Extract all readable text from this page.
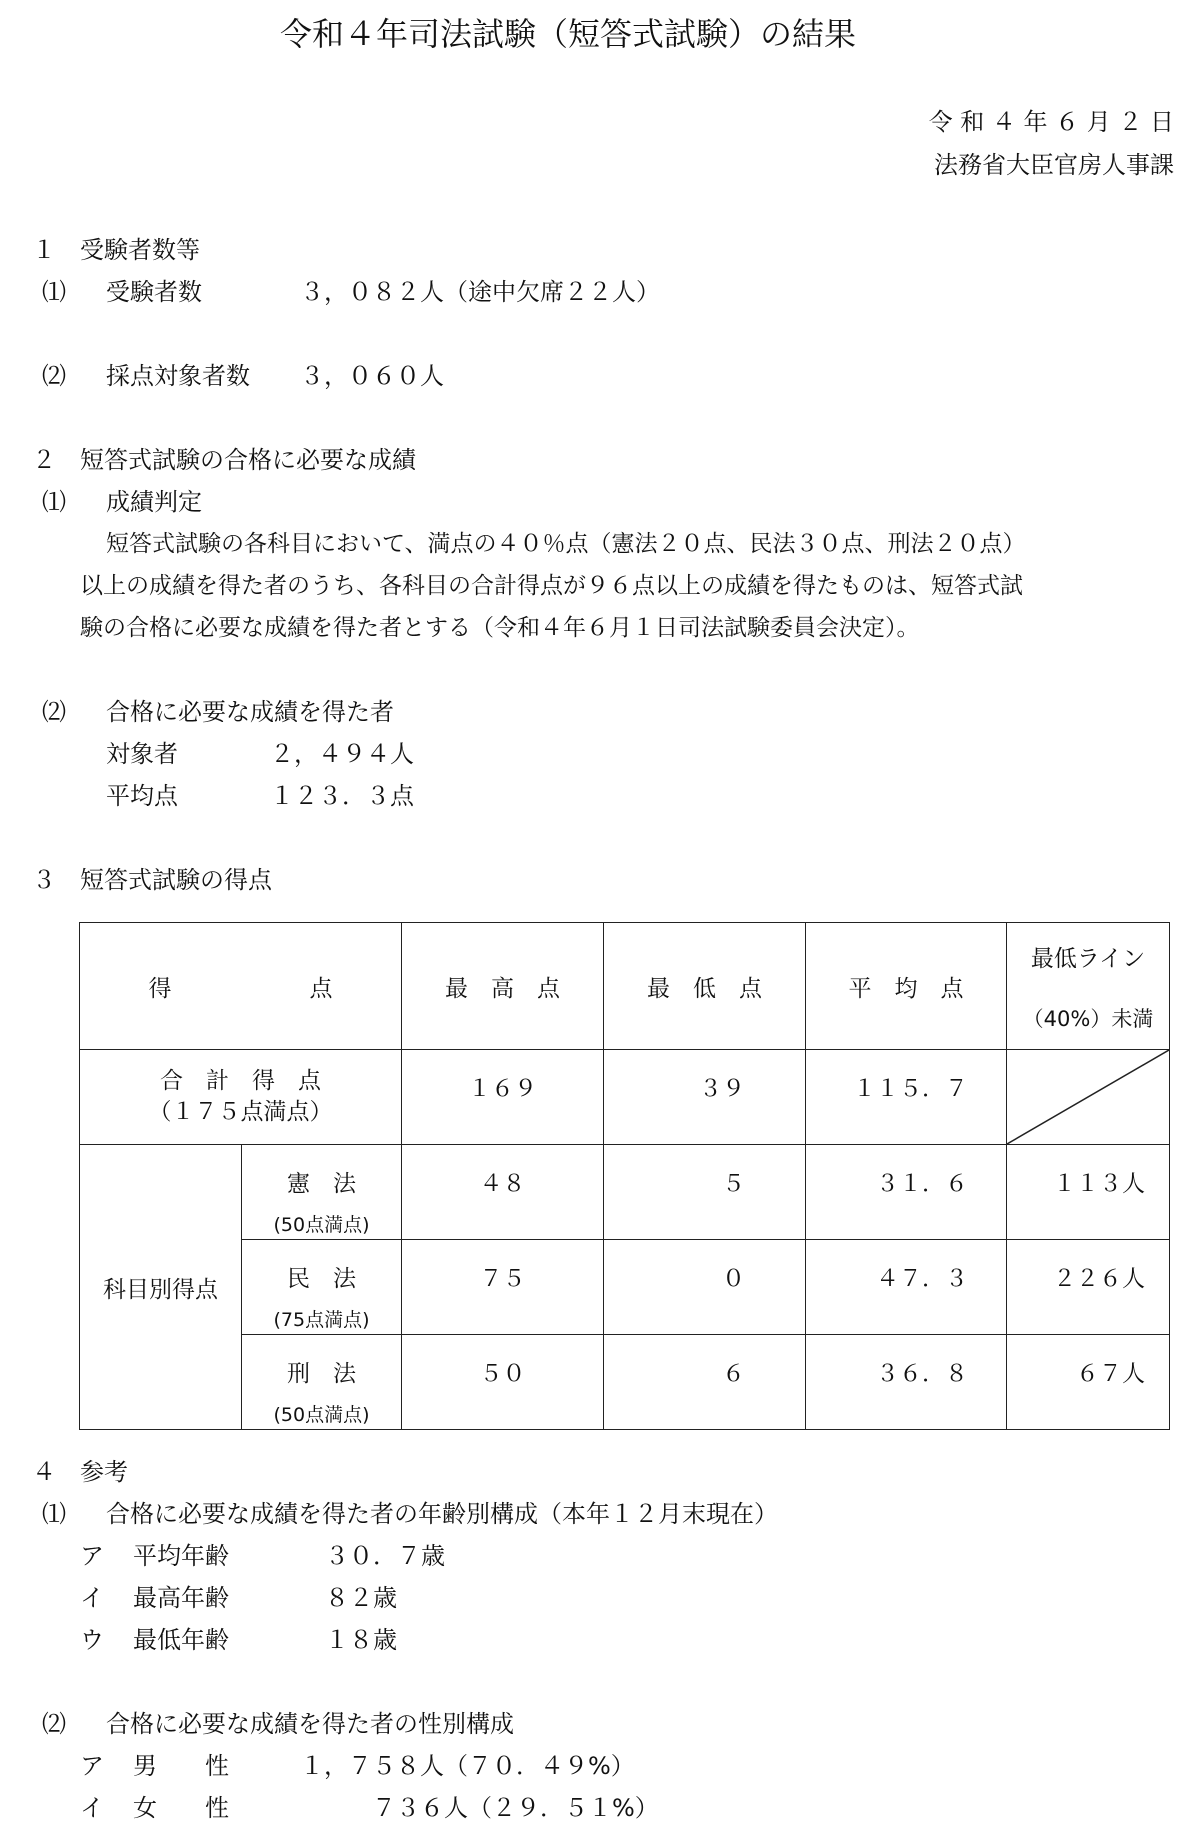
令和４年司法試験（短答式試験）の結果
令 和 ４ 年 ６ 月 ２ 日
法務省大臣官房人事課
１　受験者数等
⑴ 受験者数	３，０８２人（途中欠席２２人）
⑵ 採点対象者数 ３，０６０人
２　短答式試験の合格に必要な成績
⑴ 成績判定
短答式試験の各科目において、満点の４０％点（憲法２０点、民法３０点、刑法２０点）
以上の成績を得た者のうち、各科目の合計得点が９６点以上の成績を得たものは、短答式試
験の合格に必要な成績を得た者とする（令和４年６月１日司法試験委員会決定）。
⑵ 合格に必要な成績を得た者
対象者	２，４９４人
平均点	１２３．３点
３　短答式試験の得点
得　　　　　　点		最　高　点	最　低　点	平　均　点	最低ライン
（40%）未満

合　計　得　点
（１７５点満点）		１６９	３９	１１５．７	

科目別得点	憲　法
(50点満点)	４８	５	３１．６	１１３人

	民　法
(75点満点)	７５	０	４７．３	２２６人

	刑　法
(50点満点)	５０	６	３６．８	６７人
４　参考
⑴ 合格に必要な成績を得た者の年齢別構成（本年１２月末現在）
ア 平均年齢	３０．７歳
イ 最高年齢	８２歳
ウ 最低年齢	１８歳
⑵ 合格に必要な成績を得た者の性別構成
ア 男　　性	１，７５８人（７０．４９%）
イ 女　　性	７３６人（２９．５１%）
